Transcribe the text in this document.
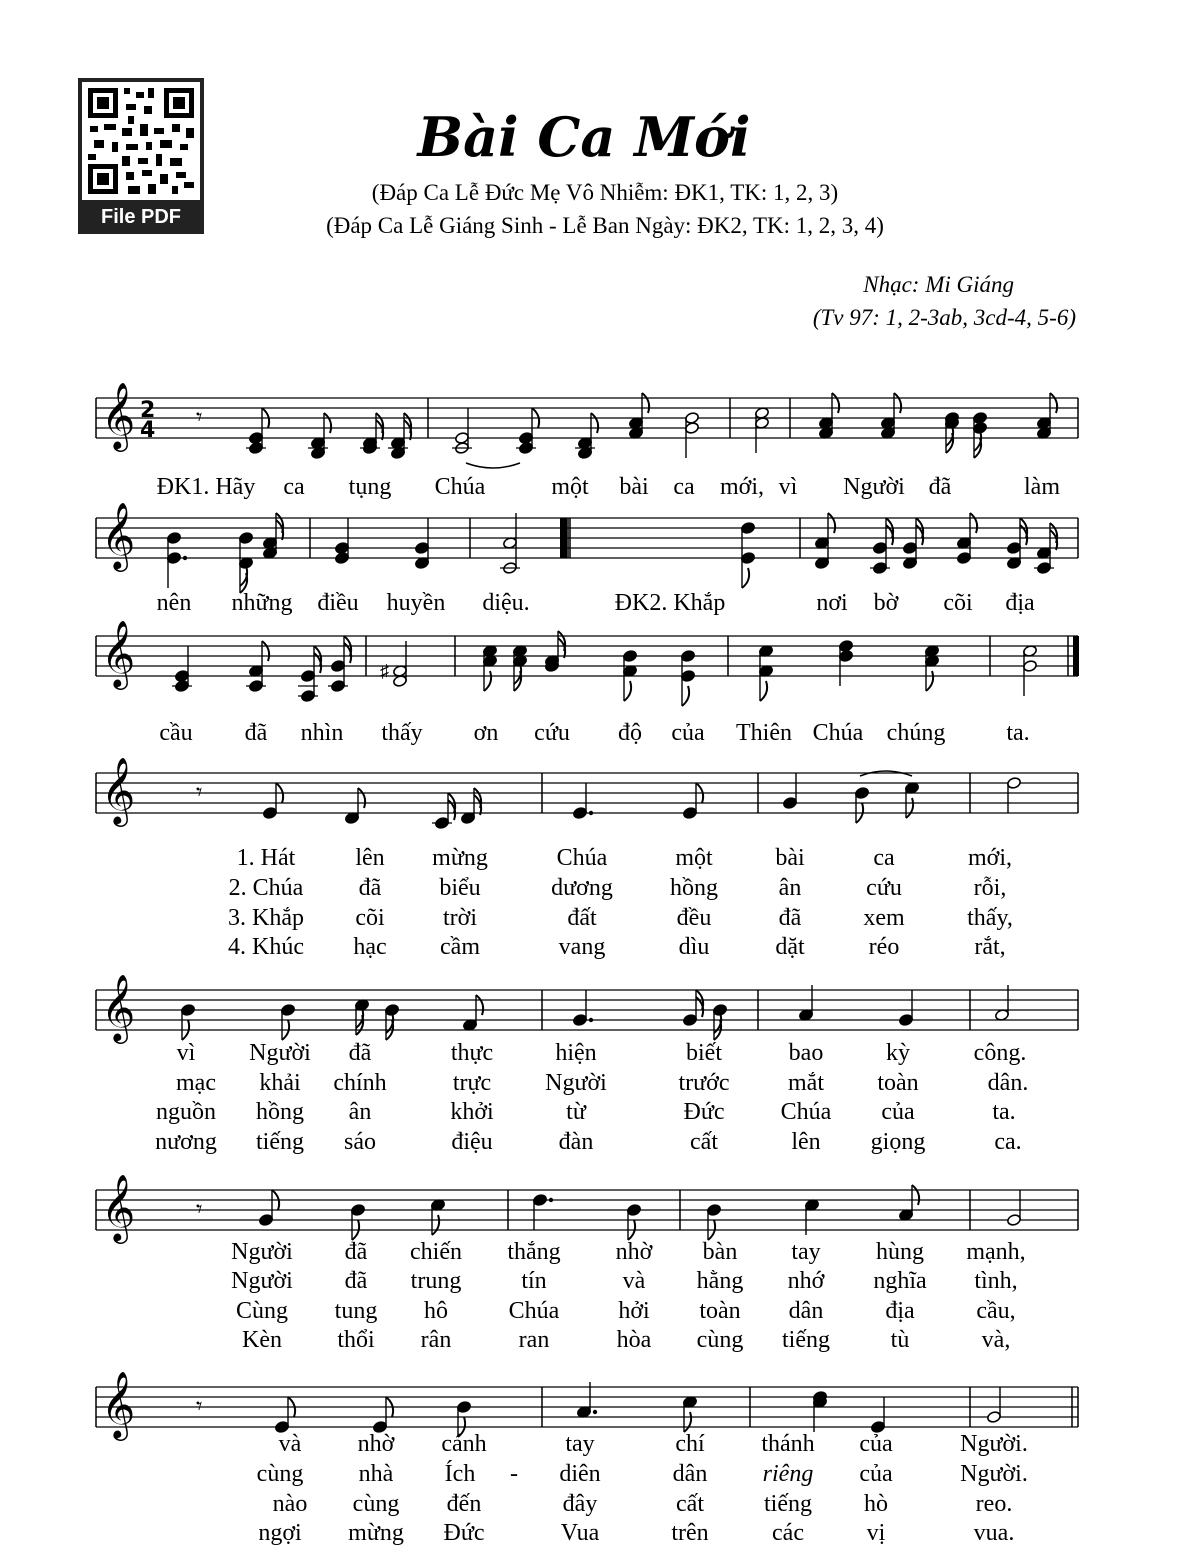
File PDF
Bài Ca Mới
(Đáp Ca Lễ Đức Mẹ Vô Nhiễm: ĐK1, TK: 1, 2, 3)
(Đáp Ca Lễ Giáng Sinh - Lễ Ban Ngày: ĐK2, TK: 1, 2, 3, 4)
Nhạc: Mi Giáng
(Tv 97: 1, 2-3ab, 3cd-4, 5-6)
𝄞 2
4
𝄞
𝄞
𝄞
𝄞
𝄞
𝄞
𝄾
♯
𝄾
𝄾
𝄾
ĐK1. Hãy ca tụng Chúa	một bài ca mới, vì Người đã	làm
nên những điều huyền diệu.	ĐK2. Khắp	nơi bờ cõi địa
cầu đã nhìn thấy ơn cứu độ của Thiên Chúa chúng	ta.
1. Hát	lên mừng	Chúa	một	bài	ca	mới,
2. Chúa đã biểu	dương hồng	ân	cứu	rỗi,
3. Khắp cõi trời	đất	đều	đã	xem	thấy,
4. Khúc hạc cầm	vang	dìu	dặt	réo	rắt,
vì Người đã	thực	hiện	biết	bao	kỳ	công.
mạc khải chính	trực Người	trước mắt toàn	dân.
nguồn hồng ân	khởi	từ	Đức Chúa của	ta.
nương tiếng sáo	điệu	đàn	cất	lên giọng	ca.
Người đã chiến thắng nhờ bàn tay hùng mạnh,
Người đã trung tín	và hằng nhớ nghĩa tình,
Cùng tung hô	Chúa hởi toàn dân	địa	cầu,
Kèn thổi rân	ran	hòa cùng tiếng	tù	và,
và nhờ cánh	tay	chí thánh của	Người.
cùng nhà Ích - diên	dân riêng của	Người.
nào cùng đến	đây	cất	tiếng hò	reo.
ngợi mừng Đức	Vua	trên	các	vị	vua.
